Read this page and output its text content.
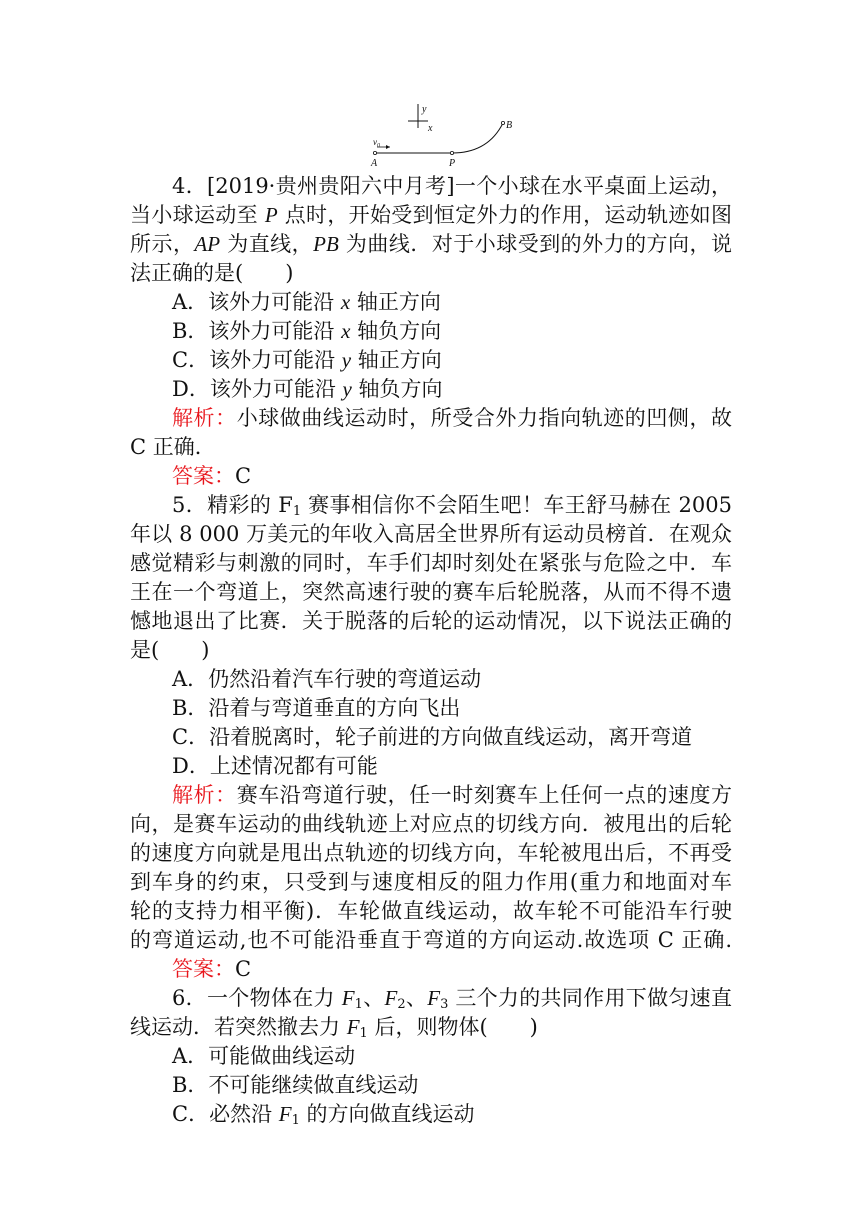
y
x
$v_0$
A	P
B
4．[2019·贵州贵阳六中月考]一个小球在水平桌面上运动，
当小球运动至 P 点时，开始受到恒定外力的作用，运动轨迹如图
所示，AP 为直线，PB 为曲线．对于小球受到的外力的方向，说
法正确的是(　　)
A．该外力可能沿 x 轴正方向
B．该外力可能沿 x 轴负方向
C．该外力可能沿 y 轴正方向
D．该外力可能沿 y 轴负方向
解析：小球做曲线运动时，所受合外力指向轨迹的凹侧，故
C 正确．
答案：C
5．精彩的 $F_1$ 赛事相信你不会陌生吧！车王舒马赫在 2005
年以 8 000 万美元的年收入高居全世界所有运动员榜首．在观众
感觉精彩与刺激的同时，车手们却时刻处在紧张与危险之中．车
王在一个弯道上，突然高速行驶的赛车后轮脱落，从而不得不遗
憾地退出了比赛．关于脱落的后轮的运动情况，以下说法正确的
是(　　)
A．仍然沿着汽车行驶的弯道运动
B．沿着与弯道垂直的方向飞出
C．沿着脱离时，轮子前进的方向做直线运动，离开弯道
D．上述情况都有可能
解析：赛车沿弯道行驶，任一时刻赛车上任何一点的速度方
向，是赛车运动的曲线轨迹上对应点的切线方向．被甩出的后轮
的速度方向就是甩出点轨迹的切线方向，车轮被甩出后，不再受
到车身的约束，只受到与速度相反的阻力作用(重力和地面对车
轮的支持力相平衡)．车轮做直线运动，故车轮不可能沿车行驶
的弯道运动,也不可能沿垂直于弯道的方向运动.故选项 C 正确.
答案：C
6．一个物体在力 $F_1$、$F_2$、$F_3$ 三个力的共同作用下做匀速直
线运动．若突然撤去力 $F_1$ 后，则物体(　　)
A．可能做曲线运动
B．不可能继续做直线运动
C．必然沿 $F_1$ 的方向做直线运动
